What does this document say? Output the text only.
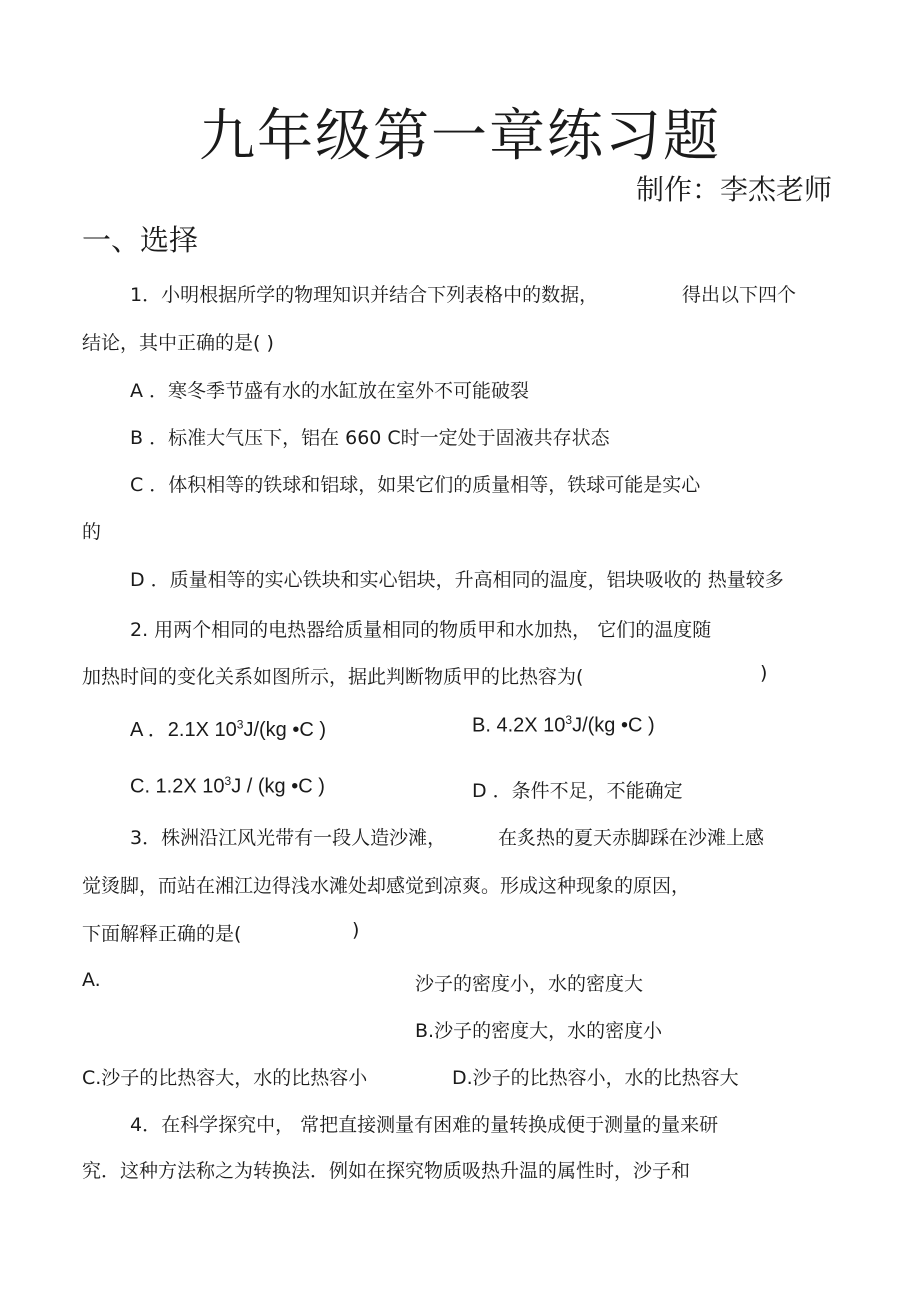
九年级第一章练习题
制作：李杰老师
一、选择
1．小明根据所学的物理知识并结合下列表格中的数据，	得出以下四个
结论，其中正确的是( )
A ．寒冬季节盛有水的水缸放在室外不可能破裂
B ．标准大气压下，铝在 660 C时一定处于固液共存状态
C ．体积相等的铁球和铝球，如果它们的质量相等，铁球可能是实心
的
D ．质量相等的实心铁块和实心铝块，升高相同的温度，铝块吸收的 热量较多
2. 用两个相同的电热器给质量相同的物质甲和水加热， 它们的温度随
加热时间的变化关系如图所示，据此判断物质甲的比热容为(	)
A ．2.1X $10^3J/(kg$ •C )	B. 4.2X $10^3J/(kg$ •C )
C. 1.2X $10^3J / (kg$ •C )	D ．条件不足，不能确定
3．株洲沿江风光带有一段人造沙滩，	在炙热的夏天赤脚踩在沙滩上感
觉烫脚，而站在湘江边得浅水滩处却感觉到凉爽。形成这种现象的原因，
下面解释正确的是(	)
A.	沙子的密度小，水的密度大
B.沙子的密度大，水的密度小
C.沙子的比热容大，水的比热容小	D.沙子的比热容小，水的比热容大
4．在科学探究中， 常把直接测量有困难的量转换成便于测量的量来研
究．这种方法称之为转换法．例如在探究物质吸热升温的属性时，沙子和
